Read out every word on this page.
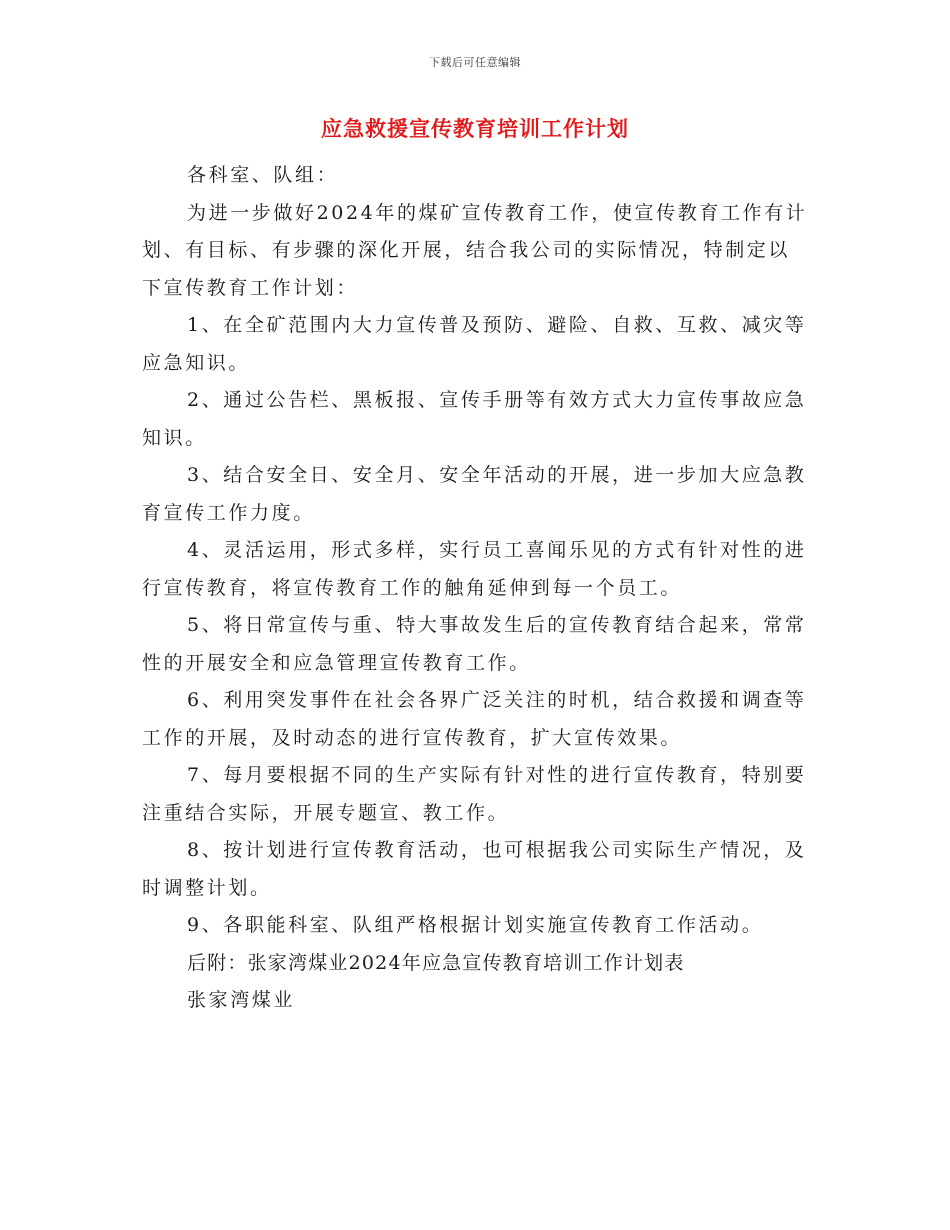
下载后可任意编辑
应急救援宣传教育培训工作计划

各科室、队组：

为进一步做好2024年的煤矿宣传教育工作，使宣传教育工作有计划、有目标、有步骤的深化开展，结合我公司的实际情况，特制定以下宣传教育工作计划：

1、在全矿范围内大力宣传普及预防、避险、自救、互救、减灾等应急知识。

2、通过公告栏、黑板报、宣传手册等有效方式大力宣传事故应急知识。

3、结合安全日、安全月、安全年活动的开展，进一步加大应急教育宣传工作力度。

4、灵活运用，形式多样，实行员工喜闻乐见的方式有针对性的进行宣传教育，将宣传教育工作的触角延伸到每一个员工。

5、将日常宣传与重、特大事故发生后的宣传教育结合起来，常常性的开展安全和应急管理宣传教育工作。

6、利用突发事件在社会各界广泛关注的时机，结合救援和调查等工作的开展，及时动态的进行宣传教育，扩大宣传效果。

7、每月要根据不同的生产实际有针对性的进行宣传教育，特别要注重结合实际，开展专题宣、教工作。

8、按计划进行宣传教育活动，也可根据我公司实际生产情况，及时调整计划。

9、各职能科室、队组严格根据计划实施宣传教育工作活动。

后附：张家湾煤业2024年应急宣传教育培训工作计划表

张家湾煤业
